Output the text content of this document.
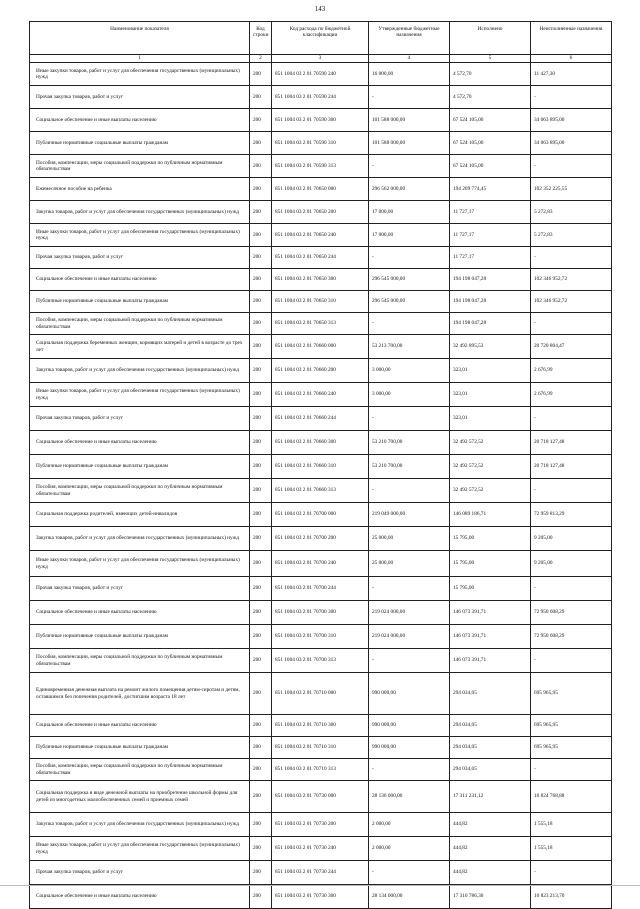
143
Наименование показателя	Код строки	Код расхода по бюджетной классификации	Утвержденные бюджетные назначения	Исполнено	Неисполненные назначения
1	2	3	4	5	6
Иные закупки товаров, работ и услуг для обеспечения государственных (муниципальных) нужд	200	851 1004 03 2 01 70590 240	16 000,00	4 572,70	11 427,30
Прочая закупка товаров, работ и услуг	200	851 1004 03 2 01 70590 244	-	4 572,70	-
Социальное обеспечение и иные выплаты населению	200	851 1004 03 2 01 70590 300	101 588 000,00	67 524 105,00	34 063 895,00
Публичные нормативные социальные выплаты гражданам	200	851 1004 03 2 01 70590 310	101 588 000,00	67 524 105,00	34 063 895,00
Пособия, компенсации, меры социальной поддержки по публичным нормативным обязательствам	200	851 1004 03 2 01 70590 313	-	67 524 105,00	-
Ежемесячное пособие на ребенка	200	851 1004 03 2 01 70650 000	296 562 000,00	194 209 774,45	102 352 225,55
Закупка товаров, работ и услуг для обеспечения государственных (муниципальных) нужд	200	851 1004 03 2 01 70650 200	17 000,00	11 727,17	5 272,83
Иные закупки товаров, работ и услуг для обеспечения государственных (муниципальных) нужд	200	851 1004 03 2 01 70650 240	17 000,00	11 727,17	5 272,83
Прочая закупка товаров, работ и услуг	200	851 1004 03 2 01 70650 244	-	11 727,17	-
Социальное обеспечение и иные выплаты населению	200	851 1004 03 2 01 70650 300	296 545 000,00	194 198 047,28	102 346 952,72
Публичные нормативные социальные выплаты гражданам	200	851 1004 03 2 01 70650 310	296 545 000,00	194 198 047,28	102 346 952,72
Пособия, компенсации, меры социальной поддержки по публичным нормативным обязательствам	200	851 1004 03 2 01 70650 313	-	194 198 047,28	-
Социальная поддержка беременных женщин, кормящих матерей и детей в возрасте до трех лет	200	851 1004 03 2 01 70660 000	53 213 700,00	32 492 895,53	20 720 804,47
Закупка товаров, работ и услуг для обеспечения государственных (муниципальных) нужд	200	851 1004 03 2 01 70660 200	3 000,00	323,01	2 676,99
Иные закупки товаров, работ и услуг для обеспечения государственных (муниципальных) нужд	200	851 1004 03 2 01 70660 240	3 000,00	323,01	2 676,99
Прочая закупка товаров, работ и услуг	200	851 1004 03 2 01 70660 244	-	323,01	-
Социальное обеспечение и иные выплаты населению	200	851 1004 03 2 01 70660 300	53 210 700,00	32 492 572,52	20 718 127,48
Публичные нормативные социальные выплаты гражданам	200	851 1004 03 2 01 70660 310	53 210 700,00	32 492 572,52	20 718 127,48
Пособия, компенсации, меры социальной поддержки по публичным нормативным обязательствам	200	851 1004 03 2 01 70660 313	-	32 492 572,52	-
Социальная поддержка родителей, имеющих детей-инвалидов	200	851 1004 03 2 01 70700 000	219 049 000,00	146 089 186,71	72 959 813,29
Закупка товаров, работ и услуг для обеспечения государственных (муниципальных) нужд	200	851 1004 03 2 01 70700 200	25 000,00	15 795,00	9 205,00
Иные закупки товаров, работ и услуг для обеспечения государственных (муниципальных) нужд	200	851 1004 03 2 01 70700 240	25 000,00	15 795,00	9 205,00
Прочая закупка товаров, работ и услуг	200	851 1004 03 2 01 70700 244	-	15 795,00	-
Социальное обеспечение и иные выплаты населению	200	851 1004 03 2 01 70700 300	219 024 000,00	146 073 391,71	72 950 608,29
Публичные нормативные социальные выплаты гражданам	200	851 1004 03 2 01 70700 310	219 024 000,00	146 073 391,71	72 950 608,29
Пособия, компенсации, меры социальной поддержки по публичным нормативным обязательствам	200	851 1004 03 2 01 70700 313	-	146 073 391,71	-
Единовременная денежная выплата на ремонт жилого помещения детям-сиротам и детям, оставшимся без попечения родителей, достигшим возраста 18 лет	200	851 1004 03 2 01 70710 000	990 000,00	294 034,05	695 965,95
Социальное обеспечение и иные выплаты населению	200	851 1004 03 2 01 70710 300	990 000,00	294 034,05	695 965,95
Публичные нормативные социальные выплаты гражданам	200	851 1004 03 2 01 70710 310	990 000,00	294 034,05	695 965,95
Пособия, компенсации, меры социальной поддержки по публичным нормативным обязательствам	200	851 1004 03 2 01 70710 313	-	294 034,05	-
Социальная поддержка в виде денежной выплаты на приобретение школьной формы для детей из многодетных малообеспеченных семей и приемных семей	200	851 1004 03 2 01 70730 000	28 136 000,00	17 311 231,12	10 824 768,88
Закупка товаров, работ и услуг для обеспечения государственных (муниципальных) нужд	200	851 1004 03 2 01 70730 200	2 000,00	444,82	1 555,18
Иные закупки товаров, работ и услуг для обеспечения государственных (муниципальных) нужд	200	851 1004 03 2 01 70730 240	2 000,00	444,82	1 555,18
Прочая закупка товаров, работ и услуг	200	851 1004 03 2 01 70730 244	-	444,82	-
Социальное обеспечение и иные выплаты населению	200	851 1004 03 2 01 70730 300	28 134 000,00	17 310 786,30	10 823 213,70
